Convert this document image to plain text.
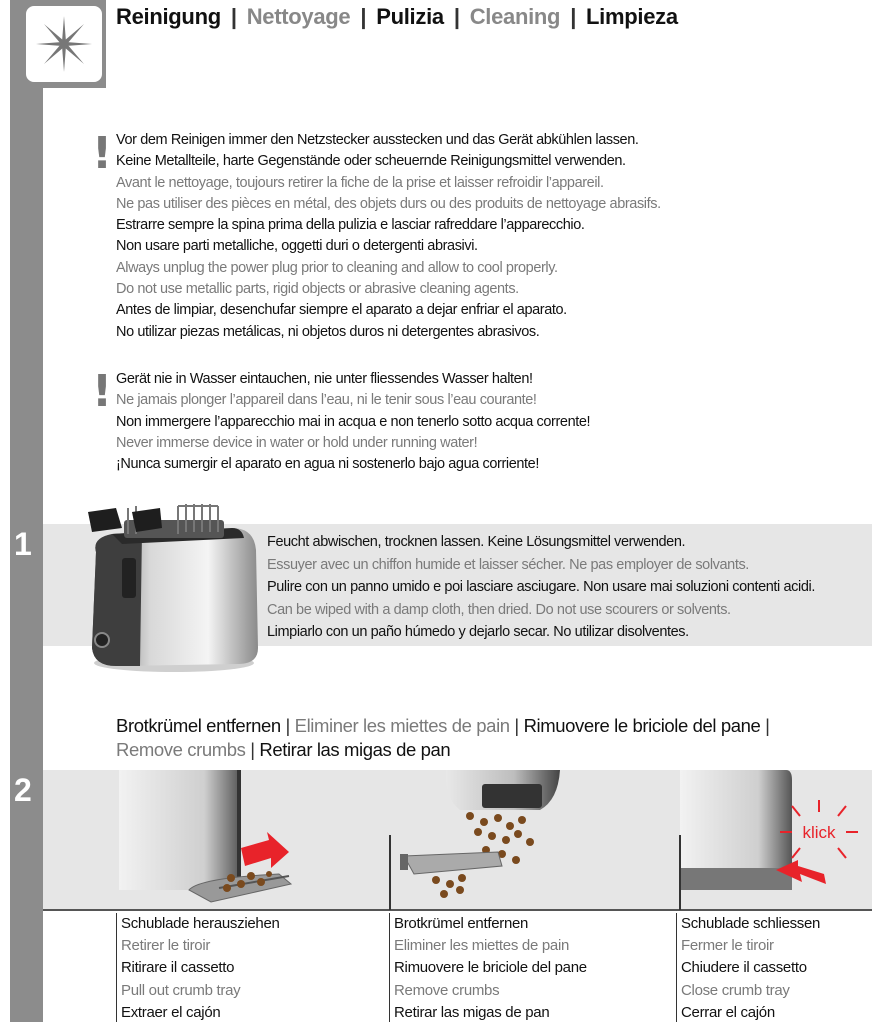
Reinigung | Nettoyage | Pulizia | Cleaning | Limpieza
! Vor dem Reinigen immer den Netzstecker ausstecken und das Gerät abkühlen lassen.
Keine Metallteile, harte Gegenstände oder scheuernde Reinigungsmittel verwenden.
Avant le nettoyage, toujours retirer la fiche de la prise et laisser refroidir l’appareil.
Ne pas utiliser des pièces en métal, des objets durs ou des produits de nettoyage abrasifs.
Estrarre sempre la spina prima della pulizia e lasciar rafreddare l’apparecchio.
Non usare parti metalliche, oggetti duri o detergenti abrasivi.
Always unplug the power plug prior to cleaning and allow to cool properly.
Do not use metallic parts, rigid objects or abrasive cleaning agents.
Antes de limpiar, desenchufar siempre el aparato a dejar enfriar el aparato.
No utilizar piezas metálicas, ni objetos duros ni detergentes abrasivos.
! Gerät nie in Wasser eintauchen, nie unter fliessendes Wasser halten!
Ne jamais plonger l’appareil dans l’eau, ni le tenir sous l’eau courante!
Non immergere l’apparecchio mai in acqua e non tenerlo sotto acqua corrente!
Never immerse device in water or hold under running water!
¡Nunca sumergir el aparato en agua ni sostenerlo bajo agua corriente!
1	Feucht abwischen, trocknen lassen. Keine Lösungsmittel verwenden.
Essuyer avec un chiffon humide et laisser sécher. Ne pas employer de solvants.
Pulire con un panno umido e poi lasciare asciugare. Non usare mai soluzioni contenti acidi.
Can be wiped with a damp cloth, then dried. Do not use scourers or solvents.
Limpiarlo con un paño húmedo y dejarlo secar. No utilizar disolventes.
Brotkrümel entfernen | Eliminer les miettes de pain | Rimuovere le briciole del pane |
Remove crumbs | Retirar las migas de pan
2
klick
Schublade herausziehen
Retirer le tiroir
Ritirare il cassetto
Pull out crumb tray
Extraer el cajón
Brotkrümel entfernen
Eliminer les miettes de pain
Rimuovere le briciole del pane
Remove crumbs
Retirar las migas de pan
Schublade schliessen
Fermer le tiroir
Chiudere il cassetto
Close crumb tray
Cerrar el cajón
